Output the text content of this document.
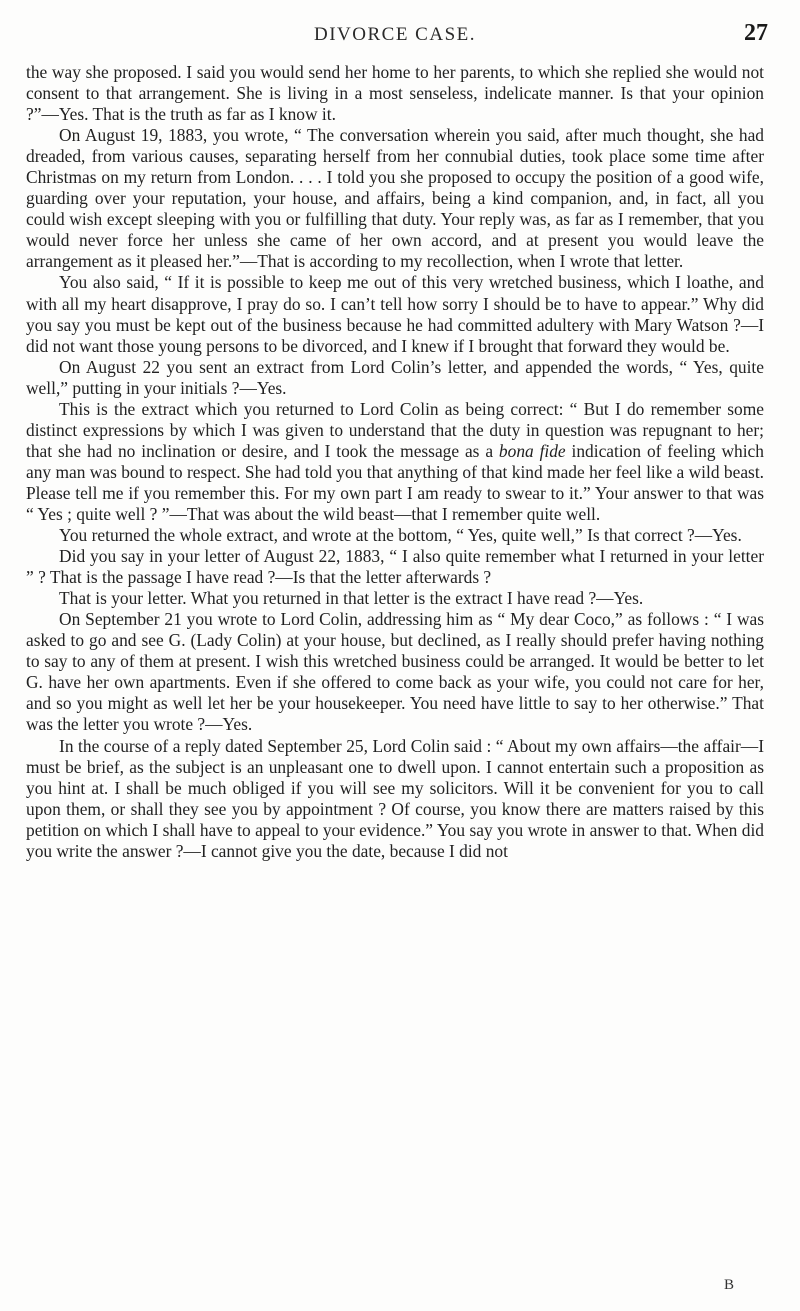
DIVORCE CASE.	27

the way she proposed. I said you would send her home to her parents, to which she replied she would not consent to that arrangement. She is living in a most senseless, indelicate manner. Is that your opinion ?”—Yes. That is the truth as far as I know it.

On August 19, 1883, you wrote, “ The conversation wherein you said, after much thought, she had dreaded, from various causes, separating herself from her connubial duties, took place some time after Christmas on my return from London. . . . I told you she proposed to occupy the position of a good wife, guarding over your reputation, your house, and affairs, being a kind companion, and, in fact, all you could wish except sleeping with you or fulfilling that duty. Your reply was, as far as I remember, that you would never force her unless she came of her own accord, and at present you would leave the arrangement as it pleased her.”—That is according to my recollection, when I wrote that letter.

You also said, “ If it is possible to keep me out of this very wretched business, which I loathe, and with all my heart disapprove, I pray do so. I can’t tell how sorry I should be to have to appear.” Why did you say you must be kept out of the business because he had committed adultery with Mary Watson ?—I did not want those young persons to be divorced, and I knew if I brought that forward they would be.

On August 22 you sent an extract from Lord Colin’s letter, and appended the words, “ Yes, quite well,” putting in your initials ?—Yes.

This is the extract which you returned to Lord Colin as being correct: “ But I do remember some distinct expressions by which I was given to understand that the duty in question was repugnant to her; that she had no inclination or desire, and I took the message as a bona fide indication of feeling which any man was bound to respect. She had told you that anything of that kind made her feel like a wild beast. Please tell me if you remember this. For my own part I am ready to swear to it.” Your answer to that was “ Yes ; quite well ? ”—That was about the wild beast—that I remember quite well.

You returned the whole extract, and wrote at the bottom, “ Yes, quite well,” Is that correct ?—Yes.

Did you say in your letter of August 22, 1883, “ I also quite remember what I returned in your letter ” ? That is the passage I have read ?—Is that the letter afterwards ?

That is your letter. What you returned in that letter is the extract I have read ?—Yes.

On September 21 you wrote to Lord Colin, addressing him as “ My dear Coco,” as follows : “ I was asked to go and see G. (Lady Colin) at your house, but declined, as I really should prefer having nothing to say to any of them at present. I wish this wretched business could be arranged. It would be better to let G. have her own apartments. Even if she offered to come back as your wife, you could not care for her, and so you might as well let her be your housekeeper. You need have little to say to her otherwise.” That was the letter you wrote ?—Yes.

In the course of a reply dated September 25, Lord Colin said : “ About my own affairs—the affair—I must be brief, as the subject is an unpleasant one to dwell upon. I cannot entertain such a proposition as you hint at. I shall be much obliged if you will see my solicitors. Will it be convenient for you to call upon them, or shall they see you by appointment ? Of course, you know there are matters raised by this petition on which I shall have to appeal to your evidence.” You say you wrote in answer to that. When did you write the answer ?—I cannot give you the date, because I did not

B
